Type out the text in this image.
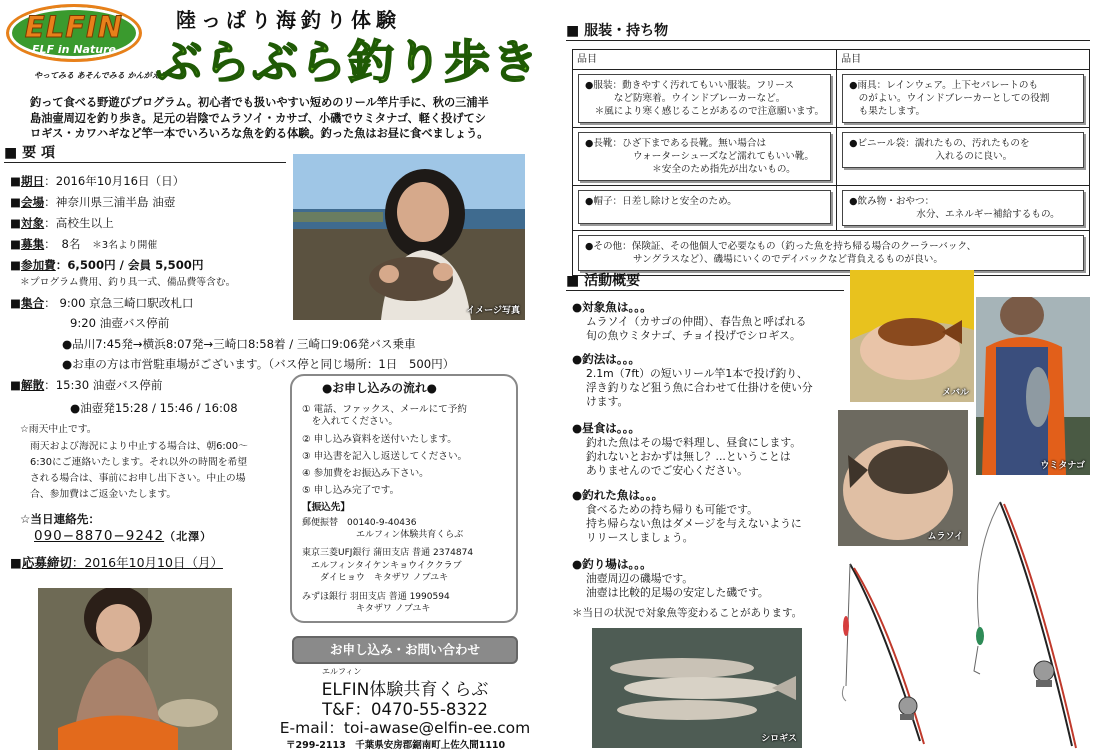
ELFIN
ELF in Nature
やってみる あそんでみる かんがえる
陸っぱり海釣り体験
ぶらぶら釣り歩き
釣って食べる野遊びプログラム。初心者でも扱いやすい短めのリール竿片手に、秋の三浦半
島油壷周辺を釣り歩き。足元の岩陰でムラソイ・カサゴ、小磯でウミタナゴ、軽く投げてシ
ロギス・カワハギなど竿一本でいろいろな魚を釣る体験。釣った魚はお昼に食べましょう。
■ 要 項
イメージ写真
■期日：2016年10月16日（日）
■会場：神奈川県三浦半島 油壺
■対象：高校生以上
■募集：　8名　 ＊3名より開催
■参加費：6,500円 / 会員 5,500円
＊プログラム費用、釣り具一式、備品費等含む。
■集合： 9:00 京急三崎口駅改札口
9:20 油壺バス停前
●品川7:45発→横浜8:07発→三崎口8:58着 / 三崎口9:06発バス乗車
●お車の方は市営駐車場がございます。（バス停と同じ場所：1日　500円）
■解散：15:30 油壺バス停前
●油壺発15:28 / 15:46 / 16:08
☆雨天中止です。
雨天および海況により中止する場合は、朝6:00～
6:30にご連絡いたします。それ以外の時間を希望
される場合は、事前にお申し出下さい。中止の場
合、参加費はご返金いたします。
☆当日連絡先：
090−8870−9242（北澤）
■応募締切：2016年10月10日（月）
●お申し込みの流れ●
① 電話、ファックス、メールにて予約
　を入れてください。
② 申し込み資料を送付いたします。
③ 申込書を記入し返送してください。
④ 参加費をお振込み下さい。
⑤ 申し込み完了です。
【振込先】
郵便振替　00140-9-40436
　　　　　　エルフィン体験共育くらぶ
東京三菱UFJ銀行 蒲田支店 普通 2374874
　エルフィンタイケンキョウイククラブ
　　ダイヒョウ　キタザワ ノブユキ
みずほ銀行 羽田支店 普通 1990594
　　　　　　キタザワ ノブユキ
お申し込み・お問い合わせ
エルフィン
ELFIN体験共育くらぶ
T&F：0470-55-8322
E-mail：toi-awase@elfin-ee.com
〒299-2113　千葉県安房郡鋸南町上佐久間1110
■ 服装・持ち物
品目	品目

●服装：動きやすく汚れてもいい服装。フリース
　　　など防寒着。ウインドブレーカーなど。
　＊風により寒く感じることがあるので注意願います。	●雨具：レインウェア。上下セパレートのも
　のがよい。ウインドブレーカーとしての役割
　も果たします。

●長靴：ひざ下まである長靴。無い場合は
　　　　　ウォーターシューズなど濡れてもいい靴。
　　　　　　　＊安全のため指先が出ないもの。	●ビニール袋：濡れたもの、汚れたものを
　　　　　　　　　入れるのに良い。

●帽子：日差し除けと安全のため。	●飲み物・おやつ：
　　　　　　　水分、エネルギー補給するもの。

●その他：保険証、その他個人で必要なもの（釣った魚を持ち帰る場合のクーラーバック、
　　　　　サングラスなど）、磯場にいくのでデイパックなど背負えるものが良い。	
■ 活動概要
●対象魚は。。。
ムラソイ（カサゴの仲間）、春告魚と呼ばれる
旬の魚ウミタナゴ、チョイ投げでシロギス。
●釣法は。。。
2.1m（7ft）の短いリール竿1本で投げ釣り、
浮き釣りなど狙う魚に合わせて仕掛けを使い分
けます。
●昼食は。。。
釣れた魚はその場で料理し、昼食にします。
釣れないとおかずは無し？...ということは
ありませんのでご安心ください。
●釣れた魚は。。。
食べるための持ち帰りも可能です。
持ち帰らない魚はダメージを与えないように
リリースしましょう。
●釣り場は。。。
油壺周辺の磯場です。
油壺は比較的足場の安定した磯です。
＊当日の状況で対象魚等変わることがあります。
メバル
ウミタナゴ
ムラソイ
シロギス
